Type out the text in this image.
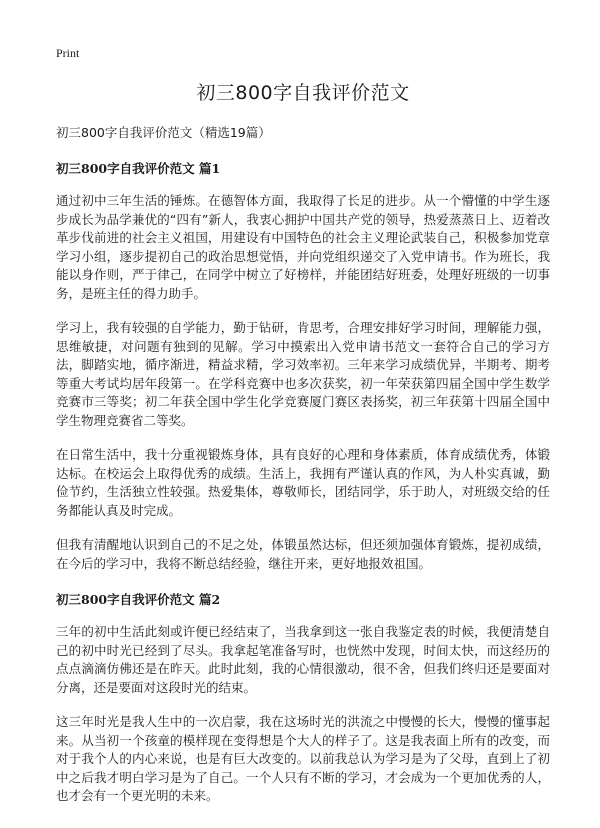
Print
初三800字自我评价范文
初三800字自我评价范文（精选19篇）
初三800字自我评价范文 篇1

通过初中三年生活的锤炼。在德智体方面，我取得了长足的进步。从一个懵懂的中学生逐步成长为品学兼优的“四有”新人，我衷心拥护中国共产党的领导，热爱蒸蒸日上、迈着改革步伐前进的社会主义祖国，用建设有中国特色的社会主义理论武装自己，积极参加党章学习小组，逐步提初自己的政治思想觉悟，并向党组织递交了入党申请书。作为班长，我能以身作则，严于律己，在同学中树立了好榜样，并能团结好班委，处理好班级的一切事务，是班主任的得力助手。

学习上，我有较强的自学能力，勤于钻研，肯思考，合理安排好学习时间，理解能力强，思维敏捷，对问题有独到的见解。学习中摸索出入党申请书范文一套符合自己的学习方法，脚踏实地，循序渐进，精益求精，学习效率初。三年来学习成绩优异，半期考、期考等重大考试均居年段第一。在学科竞赛中也多次获奖，初一年荣获第四届全国中学生数学竞赛市三等奖；初二年获全国中学生化学竞赛厦门赛区表扬奖，初三年获第十四届全国中学生物理竞赛省二等奖。

在日常生活中，我十分重视锻炼身体，具有良好的心理和身体素质，体育成绩优秀，体锻达标。在校运会上取得优秀的成绩。生活上，我拥有严谨认真的作风，为人朴实真诚，勤俭节约，生活独立性较强。热爱集体，尊敬师长，团结同学，乐于助人，对班级交给的任务都能认真及时完成。

但我有清醒地认识到自己的不足之处，体锻虽然达标，但还须加强体育锻炼，提初成绩，在今后的学习中，我将不断总结经验，继往开来，更好地报效祖国。

初三800字自我评价范文 篇2

三年的初中生活此刻或许便已经结束了，当我拿到这一张自我鉴定表的时候，我便清楚自己的初中时光已经到了尽头。我拿起笔准备写时，也恍然中发现，时间太快，而这经历的点点滴滴仿佛还是在昨天。此时此刻，我的心情很激动，很不舍，但我们终归还是要面对分离，还是要面对这段时光的结束。

这三年时光是我人生中的一次启蒙，我在这场时光的洪流之中慢慢的长大，慢慢的懂事起来。从当初一个孩童的模样现在变得想是个大人的样子了。这是我表面上所有的改变，而对于我个人的内心来说，也是有巨大改变的。以前我总认为学习是为了父母，直到上了初中之后我才明白学习是为了自己。一个人只有不断的学习，才会成为一个更加优秀的人，也才会有一个更光明的未来。
